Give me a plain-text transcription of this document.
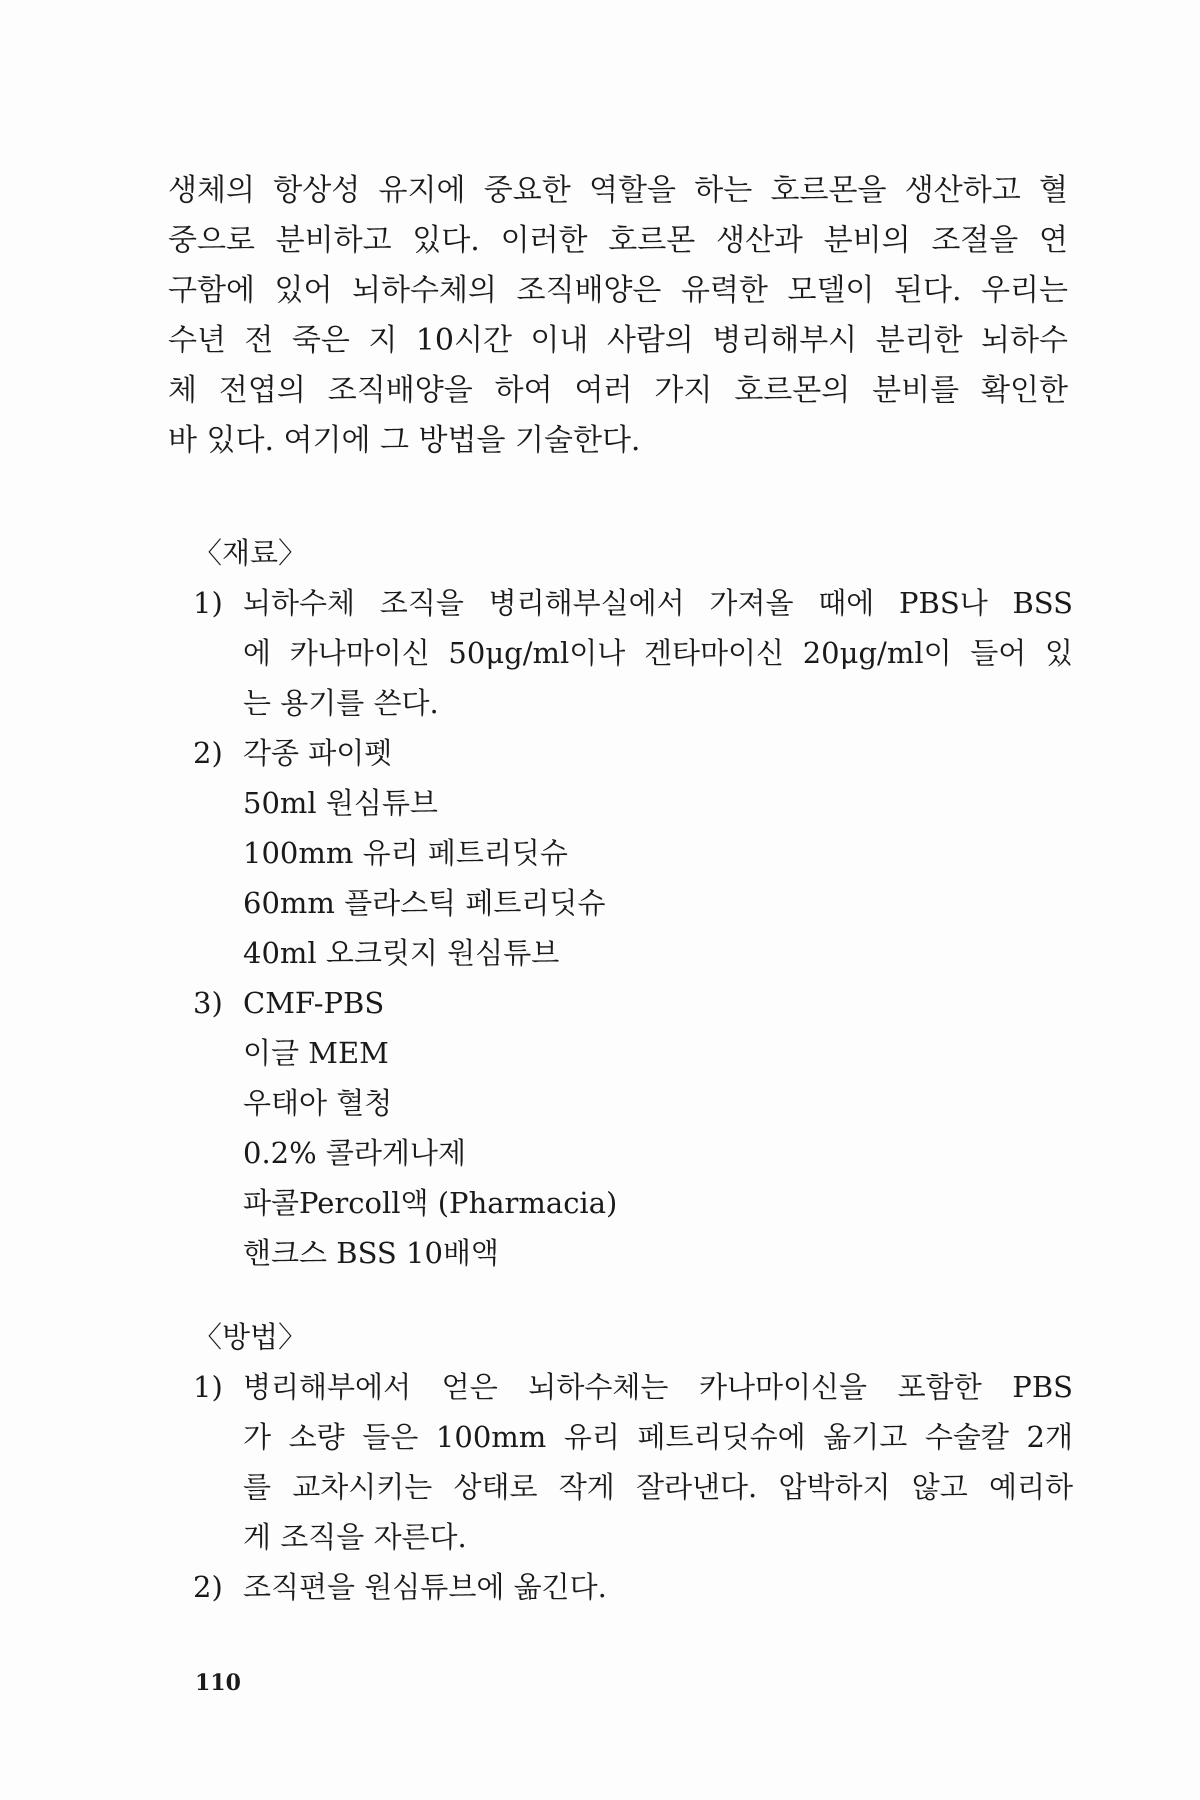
생체의 항상성 유지에 중요한 역할을 하는 호르몬을 생산하고 혈
중으로 분비하고 있다. 이러한 호르몬 생산과 분비의 조절을 연
구함에 있어 뇌하수체의 조직배양은 유력한 모델이 된다. 우리는
수년 전 죽은 지 10시간 이내 사람의 병리해부시 분리한 뇌하수
체 전엽의 조직배양을 하여 여러 가지 호르몬의 분비를 확인한
바 있다. 여기에 그 방법을 기술한다.
〈재료〉
1) 뇌하수체 조직을 병리해부실에서 가져올 때에 PBS나 BSS
에 카나마이신 50μg/ml이나 겐타마이신 20μg/ml이 들어 있
는 용기를 쓴다.
2) 각종 파이펫
50ml 원심튜브
100mm 유리 페트리딧슈
60mm 플라스틱 페트리딧슈
40ml 오크릿지 원심튜브
3) CMF-PBS
이글 MEM
우태아 혈청
0.2% 콜라게나제
파콜Percoll액 (Pharmacia)
핸크스 BSS 10배액
〈방법〉
1) 병리해부에서 얻은 뇌하수체는 카나마이신을 포함한 PBS
가 소량 들은 100mm 유리 페트리딧슈에 옮기고 수술칼 2개
를 교차시키는 상태로 작게 잘라낸다. 압박하지 않고 예리하
게 조직을 자른다.
2) 조직편을 원심튜브에 옮긴다.
110
